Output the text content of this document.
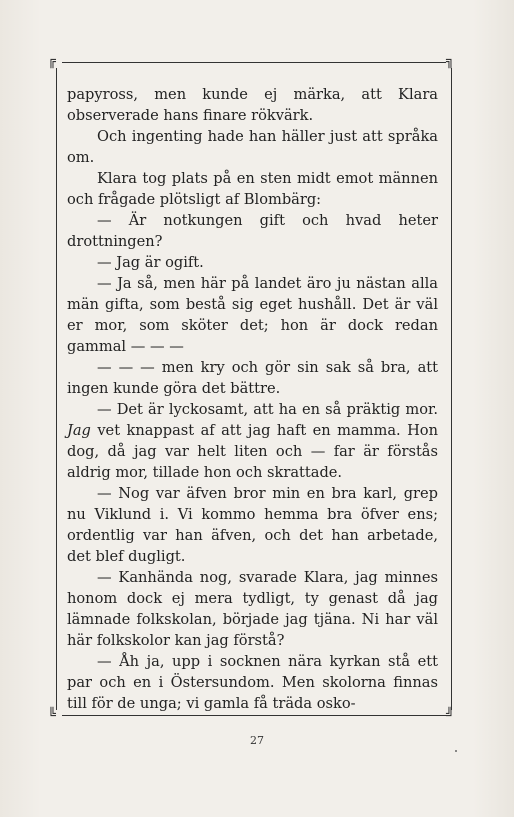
╔	╗
╚	╝

papyross, men kunde ej märka, att Klara observerade hans finare rökvärk.

Och ingenting hade han häller just att språka om.

Klara tog plats på en sten midt emot männen och frågade plötsligt af Blombärg:

— Är notkungen gift och hvad heter drottningen?

— Jag är ogift.

— Ja så, men här på landet äro ju nästan alla män gifta, som bestå sig eget hushåll. Det är väl er mor, som sköter det; hon är dock redan gammal — — —

— — — men kry och gör sin sak så bra, att ingen kunde göra det bättre.

— Det är lyckosamt, att ha en så präktig mor. Jag vet knappast af att jag haft en mamma. Hon dog, då jag var helt liten och — far är förstås aldrig mor, tillade hon och skrattade.

— Nog var äfven bror min en bra karl, grep nu Viklund i. Vi kommo hemma bra öfver ens; ordentlig var han äfven, och det han arbetade, det blef dugligt.

— Kanhända nog, svarade Klara, jag minnes honom dock ej mera tydligt, ty genast då jag lämnade folkskolan, började jag tjäna. Ni har väl här folkskolor kan jag förstå?

— Åh ja, upp i socknen nära kyrkan stå ett par och en i Östersundom. Men skolorna finnas till för de unga; vi gamla få träda osko-

27
